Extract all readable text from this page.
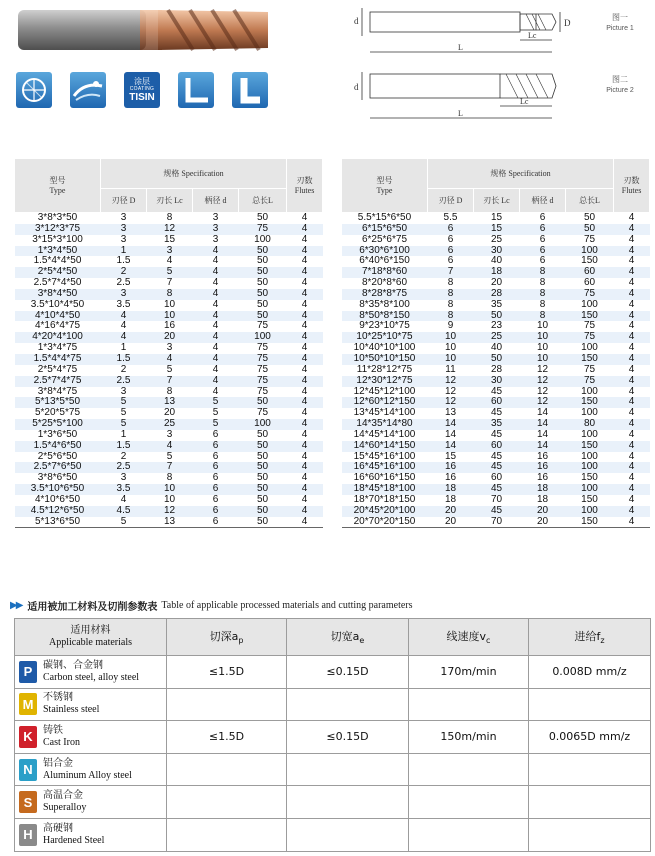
涂层
COATING
TISIN
d	D
Lc
L
图一
Picture 1
d
Lc
L
图二
Picture 2
型号
Type	规格 Specification				刃数
Flutes
	刃径 D	刃长 Lc	柄径 d	总长L	
3*8*3*50	3	8	3	50	4
3*12*3*75	3	12	3	75	4
3*15*3*100	3	15	3	100	4
1*3*4*50	1	3	4	50	4
1.5*4*4*50	1.5	4	4	50	4
2*5*4*50	2	5	4	50	4
2.5*7*4*50	2.5	7	4	50	4
3*8*4*50	3	8	4	50	4
3.5*10*4*50	3.5	10	4	50	4
4*10*4*50	4	10	4	50	4
4*16*4*75	4	16	4	75	4
4*20*4*100	4	20	4	100	4
1*3*4*75	1	3	4	75	4
1.5*4*4*75	1.5	4	4	75	4
2*5*4*75	2	5	4	75	4
2.5*7*4*75	2.5	7	4	75	4
3*8*4*75	3	8	4	75	4
5*13*5*50	5	13	5	50	4
5*20*5*75	5	20	5	75	4
5*25*5*100	5	25	5	100	4
1*3*6*50	1	3	6	50	4
1.5*4*6*50	1.5	4	6	50	4
2*5*6*50	2	5	6	50	4
2.5*7*6*50	2.5	7	6	50	4
3*8*6*50	3	8	6	50	4
3.5*10*6*50	3.5	10	6	50	4
4*10*6*50	4	10	6	50	4
4.5*12*6*50	4.5	12	6	50	4
5*13*6*50	5	13	6	50	4
型号
Type	规格 Specification				刃数
Flutes
	刃径 D	刃长 Lc	柄径 d	总长L	
5.5*15*6*50	5.5	15	6	50	4
6*15*6*50	6	15	6	50	4
6*25*6*75	6	25	6	75	4
6*30*6*100	6	30	6	100	4
6*40*6*150	6	40	6	150	4
7*18*8*60	7	18	8	60	4
8*20*8*60	8	20	8	60	4
8*28*8*75	8	28	8	75	4
8*35*8*100	8	35	8	100	4
8*50*8*150	8	50	8	150	4
9*23*10*75	9	23	10	75	4
10*25*10*75	10	25	10	75	4
10*40*10*100	10	40	10	100	4
10*50*10*150	10	50	10	150	4
11*28*12*75	11	28	12	75	4
12*30*12*75	12	30	12	75	4
12*45*12*100	12	45	12	100	4
12*60*12*150	12	60	12	150	4
13*45*14*100	13	45	14	100	4
14*35*14*80	14	35	14	80	4
14*45*14*100	14	45	14	100	4
14*60*14*150	14	60	14	150	4
15*45*16*100	15	45	16	100	4
16*45*16*100	16	45	16	100	4
16*60*16*150	16	60	16	150	4
18*45*18*100	18	45	18	100	4
18*70*18*150	18	70	18	150	4
20*45*20*100	20	45	20	100	4
20*70*20*150	20	70	20	150	4
▶▶ 适用被加工材料及切削参数表 Table of applicable processed materials and cutting parameters
适用材料
Applicable materials	切深$a_p$	切宽$a_e$	线速度$v_c$	进给$f_z$

P 碳钢、合金钢
Carbon steel, alloy steel	≤1.5D	≤0.15D	170m/min	0.008D mm/z

M 不锈钢
Stainless steel				

K 铸铁
Cast Iron	≤1.5D	≤0.15D	150m/min	0.0065D mm/z

N 铝合金
Aluminum Alloy steel				

S 高温合金
Superalloy				

H 高硬钢
Hardened Steel				
